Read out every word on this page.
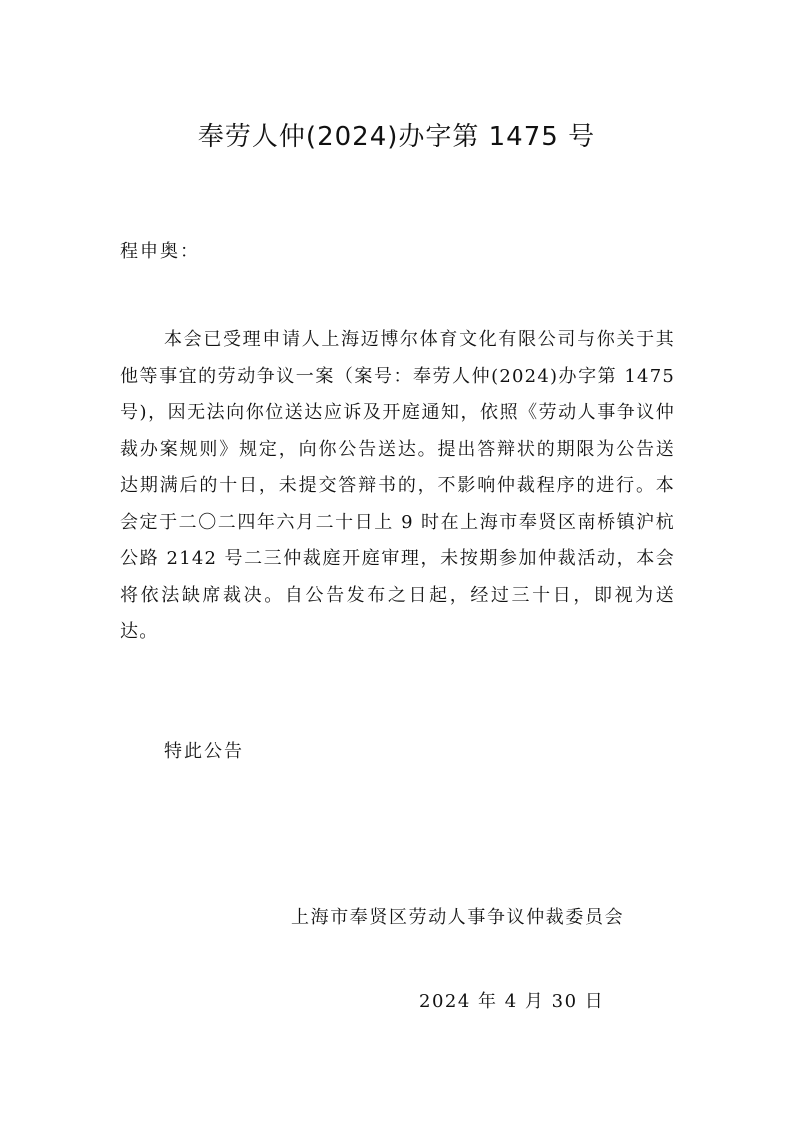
奉劳人仲(2024)办字第 1475 号
程申奥：

本会已受理申请人上海迈博尔体育文化有限公司与你关于其他等事宜的劳动争议一案（案号：奉劳人仲(2024)办字第 1475 号)，因无法向你位送达应诉及开庭通知，依照《劳动人事争议仲裁办案规则》规定，向你公告送达。提出答辩状的期限为公告送达期满后的十日，未提交答辩书的，不影响仲裁程序的进行。本会定于二〇二四年六月二十日上 9 时在上海市奉贤区南桥镇沪杭公路 2142 号二三仲裁庭开庭审理，未按期参加仲裁活动，本会将依法缺席裁决。自公告发布之日起，经过三十日，即视为送达。

特此公告
上海市奉贤区劳动人事争议仲裁委员会
2024 年 4 月 30 日
